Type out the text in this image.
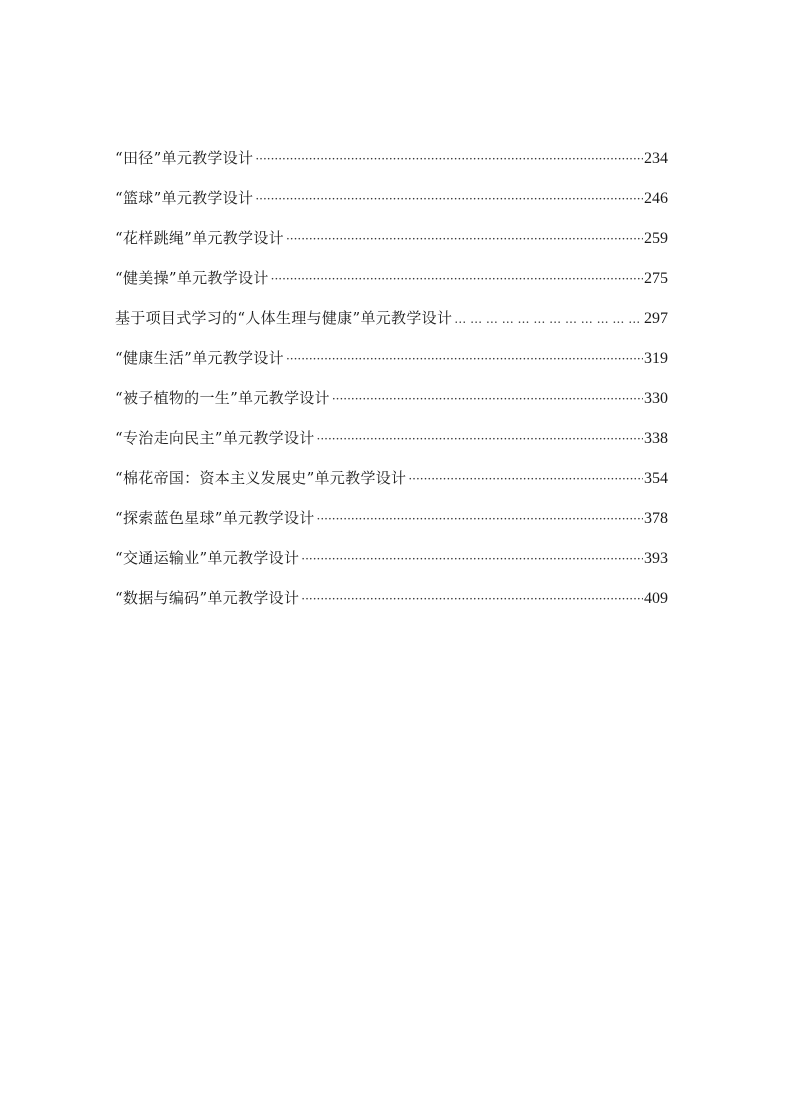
“田径”单元教学设计 ·····	234
“篮球”单元教学设计 ·····	246
“花样跳绳”单元教学设计 ·····	259
“健美操”单元教学设计 ·····	275
基于项目式学习的“人体生理与健康”单元教学设计 … … … … … … … … … … … … … … … … … … … … … … … … … … … … … … … … … … … … … … … … … … … … … … … … … … … … … … … …	297
“健康生活”单元教学设计 ·····	319
“被子植物的一生”单元教学设计 ·····	330
“专治走向民主”单元教学设计 ·····	338
“棉花帝国：资本主义发展史”单元教学设计 ·····	354
“探索蓝色星球”单元教学设计 ·····	378
“交通运输业”单元教学设计 ·····	393
“数据与编码”单元教学设计 ·····	409
